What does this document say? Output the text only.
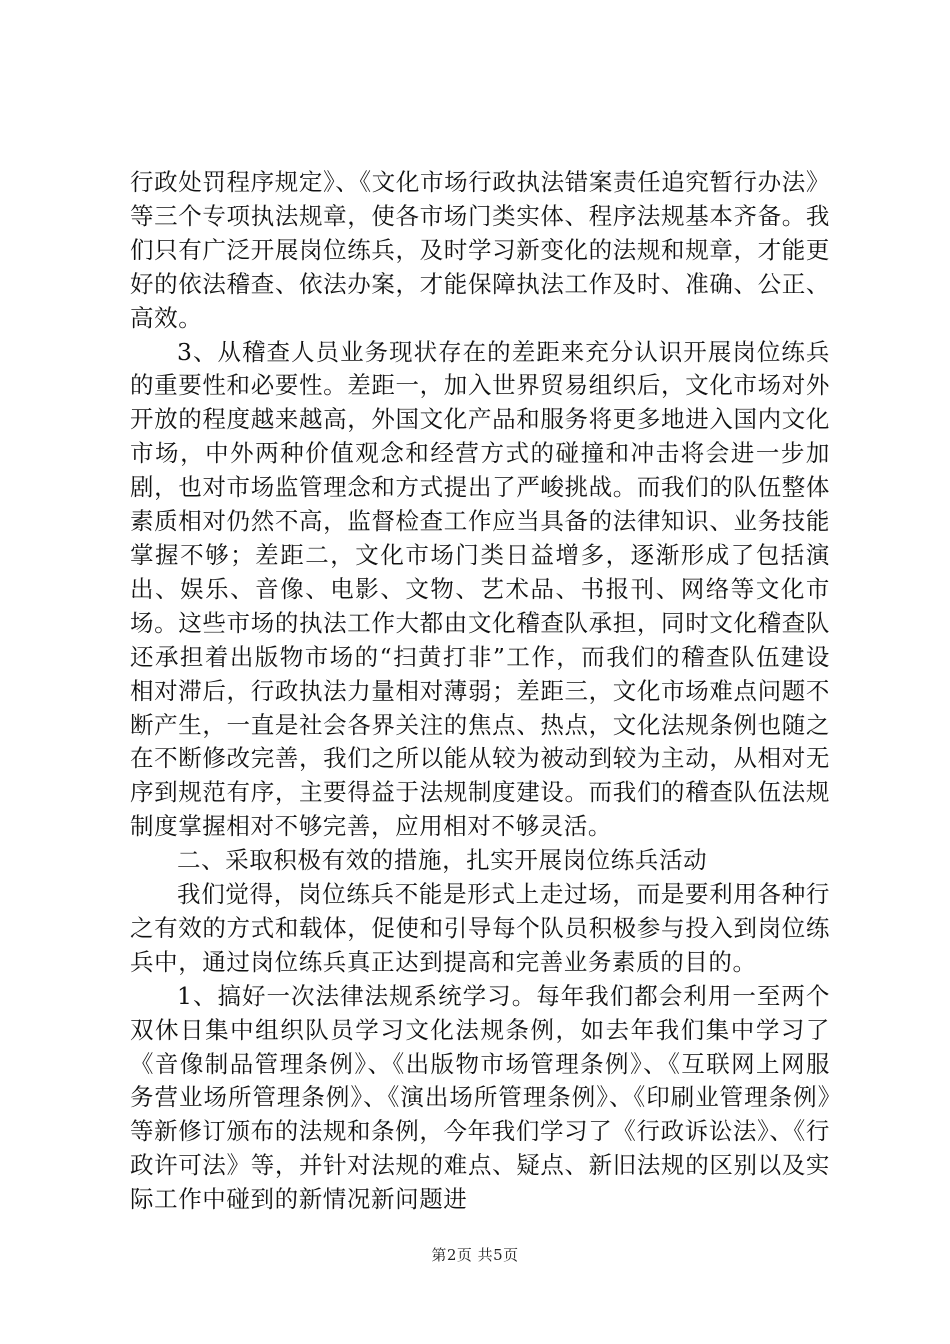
行政处罚程序规定》、《文化市场行政执法错案责任追究暂行办法》等三个专项执法规章，使各市场门类实体、程序法规基本齐备。我们只有广泛开展岗位练兵，及时学习新变化的法规和规章，才能更好的依法稽查、依法办案，才能保障执法工作及时、准确、公正、高效。

3、从稽查人员业务现状存在的差距来充分认识开展岗位练兵的重要性和必要性。差距一，加入世界贸易组织后，文化市场对外开放的程度越来越高，外国文化产品和服务将更多地进入国内文化市场，中外两种价值观念和经营方式的碰撞和冲击将会进一步加剧，也对市场监管理念和方式提出了严峻挑战。而我们的队伍整体素质相对仍然不高，监督检查工作应当具备的法律知识、业务技能掌握不够；差距二，文化市场门类日益增多，逐渐形成了包括演出、娱乐、音像、电影、文物、艺术品、书报刊、网络等文化市场。这些市场的执法工作大都由文化稽查队承担，同时文化稽查队还承担着出版物市场的“扫黄打非”工作，而我们的稽查队伍建设相对滞后，行政执法力量相对薄弱；差距三，文化市场难点问题不断产生，一直是社会各界关注的焦点、热点，文化法规条例也随之在不断修改完善，我们之所以能从较为被动到较为主动，从相对无序到规范有序，主要得益于法规制度建设。而我们的稽查队伍法规制度掌握相对不够完善，应用相对不够灵活。

二、采取积极有效的措施，扎实开展岗位练兵活动

我们觉得，岗位练兵不能是形式上走过场，而是要利用各种行之有效的方式和载体，促使和引导每个队员积极参与投入到岗位练兵中，通过岗位练兵真正达到提高和完善业务素质的目的。

1、搞好一次法律法规系统学习。每年我们都会利用一至两个双休日集中组织队员学习文化法规条例，如去年我们集中学习了《音像制品管理条例》、《出版物市场管理条例》、《互联网上网服务营业场所管理条例》、《演出场所管理条例》、《印刷业管理条例》等新修订颁布的法规和条例，今年我们学习了《行政诉讼法》、《行政许可法》等，并针对法规的难点、疑点、新旧法规的区别以及实际工作中碰到的新情况新问题进

第2页 共5页
